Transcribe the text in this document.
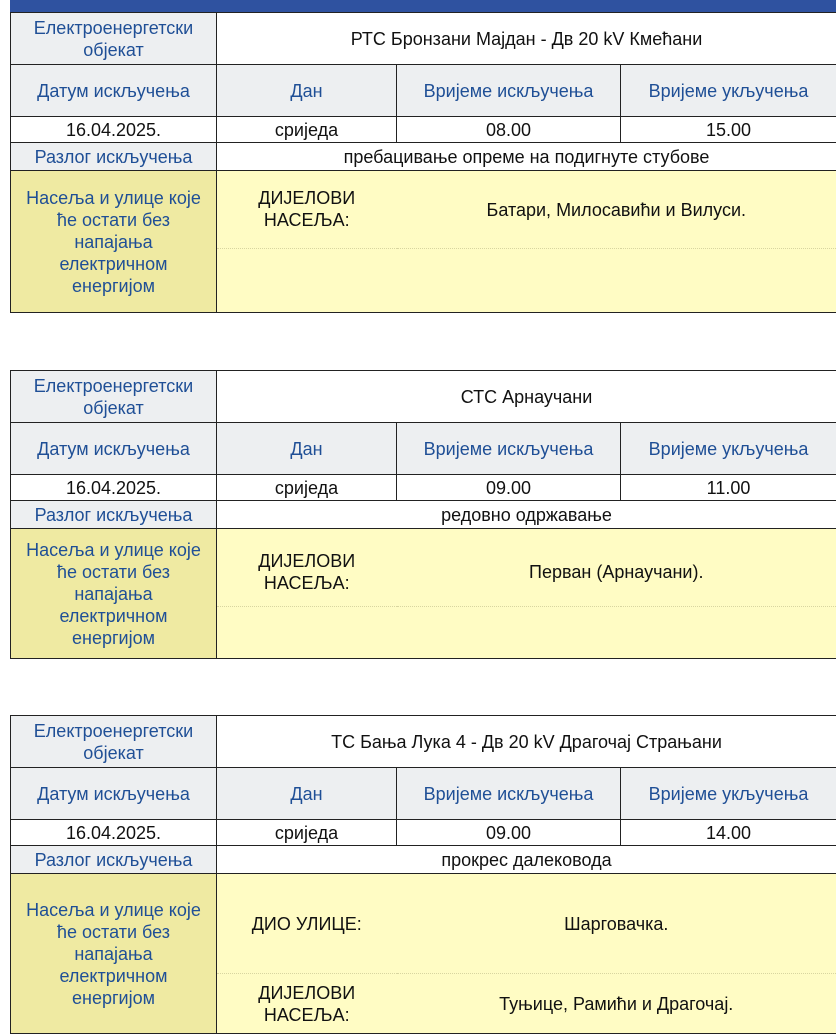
Електроенергетски објекат	РТС Бронзани Мајдан - Дв 20 kV Кмећани		
Датум искључења	Дан	Вријеме искључења	Вријеме укључења
16.04.2025.	сриједа	08.00	15.00
Разлог искључења	пребацивање опреме на подигнуте стубове		
Насеља и улице које ће остати без напајања електричном енергијом	ДИЈЕЛОВИ НАСЕЉА:	Батари, Милосавићи и Вилуси.	

Електроенергетски објекат	СТС Арнаучани		
Датум искључења	Дан	Вријеме искључења	Вријеме укључења
16.04.2025.	сриједа	09.00	11.00
Разлог искључења	редовно одржавање		
Насеља и улице које ће остати без напајања електричном енергијом	ДИЈЕЛОВИ НАСЕЉА:	Перван (Арнаучани).	

Електроенергетски објекат	ТС Бања Лука 4 - Дв 20 kV Драгочај Страњани		
Датум искључења	Дан	Вријеме искључења	Вријеме укључења
16.04.2025.	сриједа	09.00	14.00
Разлог искључења	прокрес далековода		
Насеља и улице које ће остати без напајања електричном енергијом	ДИО УЛИЦЕ:	Шарговачка.	
	ДИЈЕЛОВИ НАСЕЉА:	Туњице, Рамићи и Драгочај.	
